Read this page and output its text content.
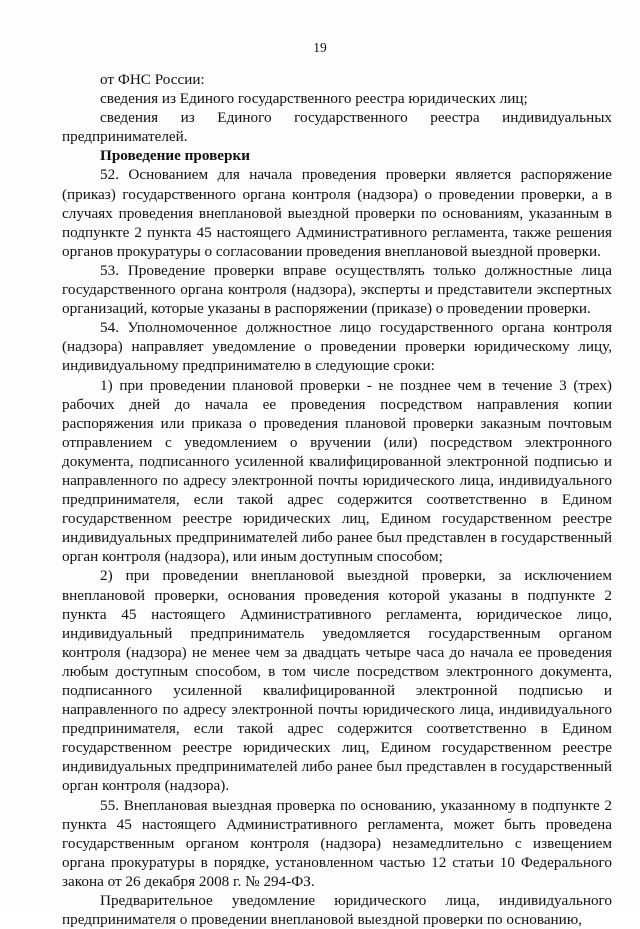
19

от ФНС России:

сведения из Единого государственного реестра юридических лиц;

сведения из Единого государственного реестра индивидуальных предпринимателей.

Проведение проверки

52. Основанием для начала проведения проверки является распоряжение (приказ) государственного органа контроля (надзора) о проведении проверки, а в случаях проведения внеплановой выездной проверки по основаниям, указанным в подпункте 2 пункта 45 настоящего Административного регламента, также решения органов прокуратуры о согласовании проведения внеплановой выездной проверки.

53. Проведение проверки вправе осуществлять только должностные лица государственного органа контроля (надзора), эксперты и представители экспертных организаций, которые указаны в распоряжении (приказе) о проведении проверки.

54. Уполномоченное должностное лицо государственного органа контроля (надзора) направляет уведомление о проведении проверки юридическому лицу, индивидуальному предпринимателю в следующие сроки:

1) при проведении плановой проверки - не позднее чем в течение 3 (трех) рабочих дней до начала ее проведения посредством направления копии распоряжения или приказа о проведения плановой проверки заказным почтовым отправлением с уведомлением о вручении (или) посредством электронного документа, подписанного усиленной квалифицированной электронной подписью и направленного по адресу электронной почты юридического лица, индивидуального предпринимателя, если такой адрес содержится соответственно в Едином государственном реестре юридических лиц, Едином государственном реестре индивидуальных предпринимателей либо ранее был представлен в государственный орган контроля (надзора), или иным доступным способом;

2) при проведении внеплановой выездной проверки, за исключением внеплановой проверки, основания проведения которой указаны в подпункте 2 пункта 45 настоящего Административного регламента, юридическое лицо, индивидуальный предприниматель уведомляется государственным органом контроля (надзора) не менее чем за двадцать четыре часа до начала ее проведения любым доступным способом, в том числе посредством электронного документа, подписанного усиленной квалифицированной электронной подписью и направленного по адресу электронной почты юридического лица, индивидуального предпринимателя, если такой адрес содержится соответственно в Едином государственном реестре юридических лиц, Едином государственном реестре индивидуальных предпринимателей либо ранее был представлен в государственный орган контроля (надзора).

55. Внеплановая выездная проверка по основанию, указанному в подпункте 2 пункта 45 настоящего Административного регламента, может быть проведена государственным органом контроля (надзора) незамедлительно с извещением органа прокуратуры в порядке, установленном частью 12 статьи 10 Федерального закона от 26 декабря 2008 г. № 294-ФЗ.

Предварительное уведомление юридического лица, индивидуального предпринимателя о проведении внеплановой выездной проверки по основанию,
